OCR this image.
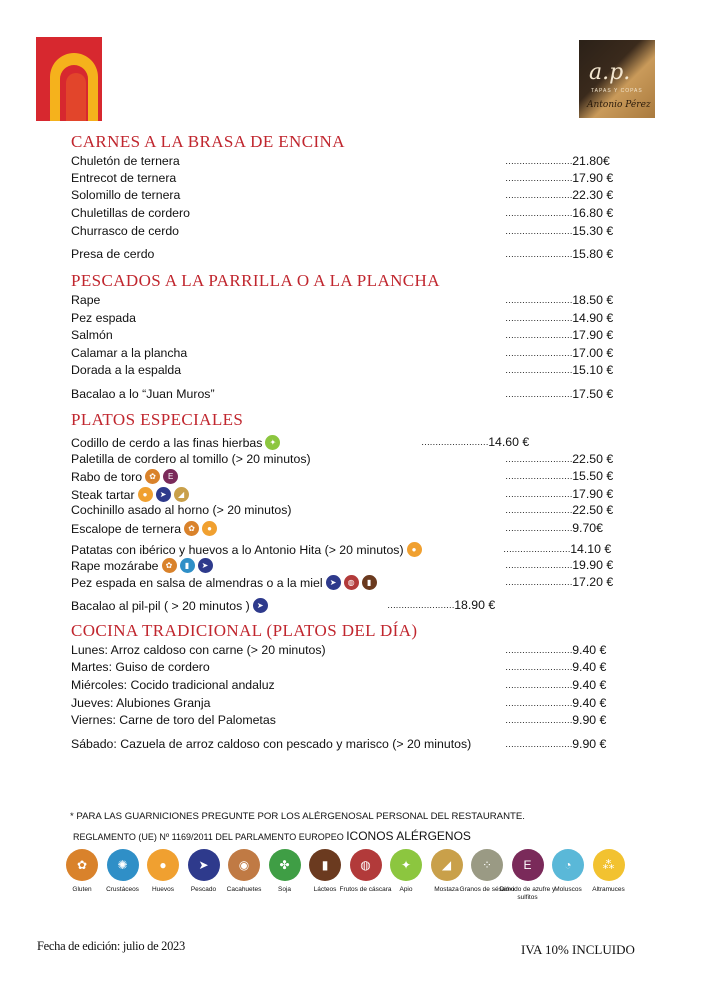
a.p.
TAPAS Y COPAS
Antonio Pérez
CARNES A LA BRASA DE ENCINA
Chuletón de ternera	……………………21.80€
Entrecot de ternera	……………………17.90 €
Solomillo de ternera	……………………22.30 €
Chuletillas de cordero	……………………16.80 €
Churrasco de cerdo	……………………15.30 €
Presa de cerdo	……………………15.80 €
PESCADOS A LA PARRILLA O A LA PLANCHA
Rape	……………………18.50 €
Pez espada	……………………14.90 €
Salmón	……………………17.90 €
Calamar a la plancha	……………………17.00 €
Dorada a la espalda	……………………15.10 €
Bacalao a lo “Juan Muros”	……………………17.50 €
PLATOS ESPECIALES
Codillo de cerdo a las finas hierbas ✦	……………………14.60 €
Paletilla de cordero al tomillo (> 20 minutos)	……………………22.50 €
Rabo de toro ✿	E	……………………15.50 €
Steak tartar	●	➤	◢	……………………17.90 €
Cochinillo asado al horno (> 20 minutos)	……………………22.50 €
Escalope de ternera ✿	●	……………………9.70€
Patatas con ibérico y huevos a lo Antonio Hita (> 20 minutos)	●	……………………14.10 €
Rape mozárabe ✿	▮	➤	……………………19.90 €
Pez espada en salsa de almendras o a la miel ➤	◍	▮	……………………17.20 €
Bacalao al pil-pil ( > 20 minutos ) ➤	……………………18.90 €
COCINA TRADICIONAL (PLATOS DEL DÍA)
Lunes: Arroz caldoso con carne (> 20 minutos)	……………………9.40 €
Martes: Guiso de cordero	……………………9.40 €
Miércoles: Cocido tradicional andaluz	……………………9.40 €
Jueves: Alubiones Granja	……………………9.40 €
Viernes: Carne de toro del Palometas	……………………9.90 €
Sábado: Cazuela de arroz caldoso con pescado y marisco (> 20 minutos)	……………………9.90 €
* PARA LAS GUARNICIONES PREGUNTE POR LOS ALÉRGENOSAL PERSONAL DEL RESTAURANTE.
REGLAMENTO (UE) Nº 1169/2011 DEL PARLAMENTO EUROPEO ICONOS ALÉRGENOS
✿
Gluten
✺
Crustáceos
●
Huevos
➤
Pescado
◉
Cacahuetes
✤
Soja
▮
Lácteos
◍
Frutos de cáscara
✦
Apio
◢
Mostaza
⁘
Granos de sésamo
E
Dióxido de azufre y sulfitos
◔
Moluscos
⁂
Altramuces
Fecha de edición: julio de 2023	IVA 10% INCLUIDO
